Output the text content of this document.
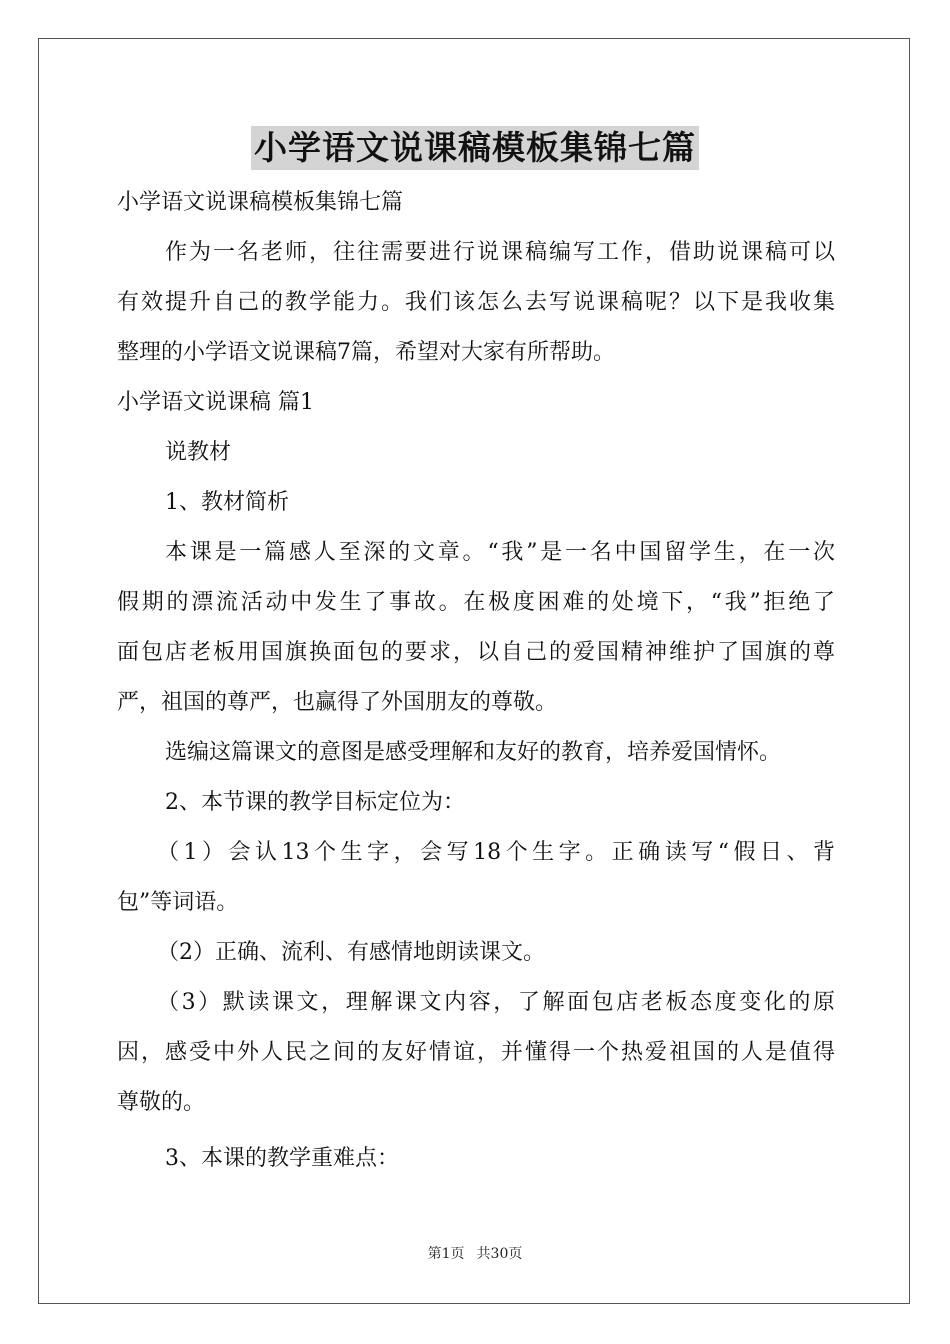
小学语文说课稿模板集锦七篇

小学语文说课稿模板集锦七篇

作为一名老师，往往需要进行说课稿编写工作，借助说课稿可以
有效提升自己的教学能力。我们该怎么去写说课稿呢？以下是我收集
整理的小学语文说课稿7篇，希望对大家有所帮助。

小学语文说课稿 篇1

说教材

1、教材简析

本课是一篇感人至深的文章。“我”是一名中国留学生，在一次
假期的漂流活动中发生了事故。在极度困难的处境下，“我”拒绝了
面包店老板用国旗换面包的要求，以自己的爱国精神维护了国旗的尊
严，祖国的尊严，也赢得了外国朋友的尊敬。

选编这篇课文的意图是感受理解和友好的教育，培养爱国情怀。

2、本节课的教学目标定位为：

（1）会认13个生字，会写18个生字。正确读写“假日、背
包”等词语。

（2）正确、流利、有感情地朗读课文。

（3）默读课文，理解课文内容，了解面包店老板态度变化的原
因，感受中外人民之间的友好情谊，并懂得一个热爱祖国的人是值得
尊敬的。

3、本课的教学重难点：

第1页 共30页
